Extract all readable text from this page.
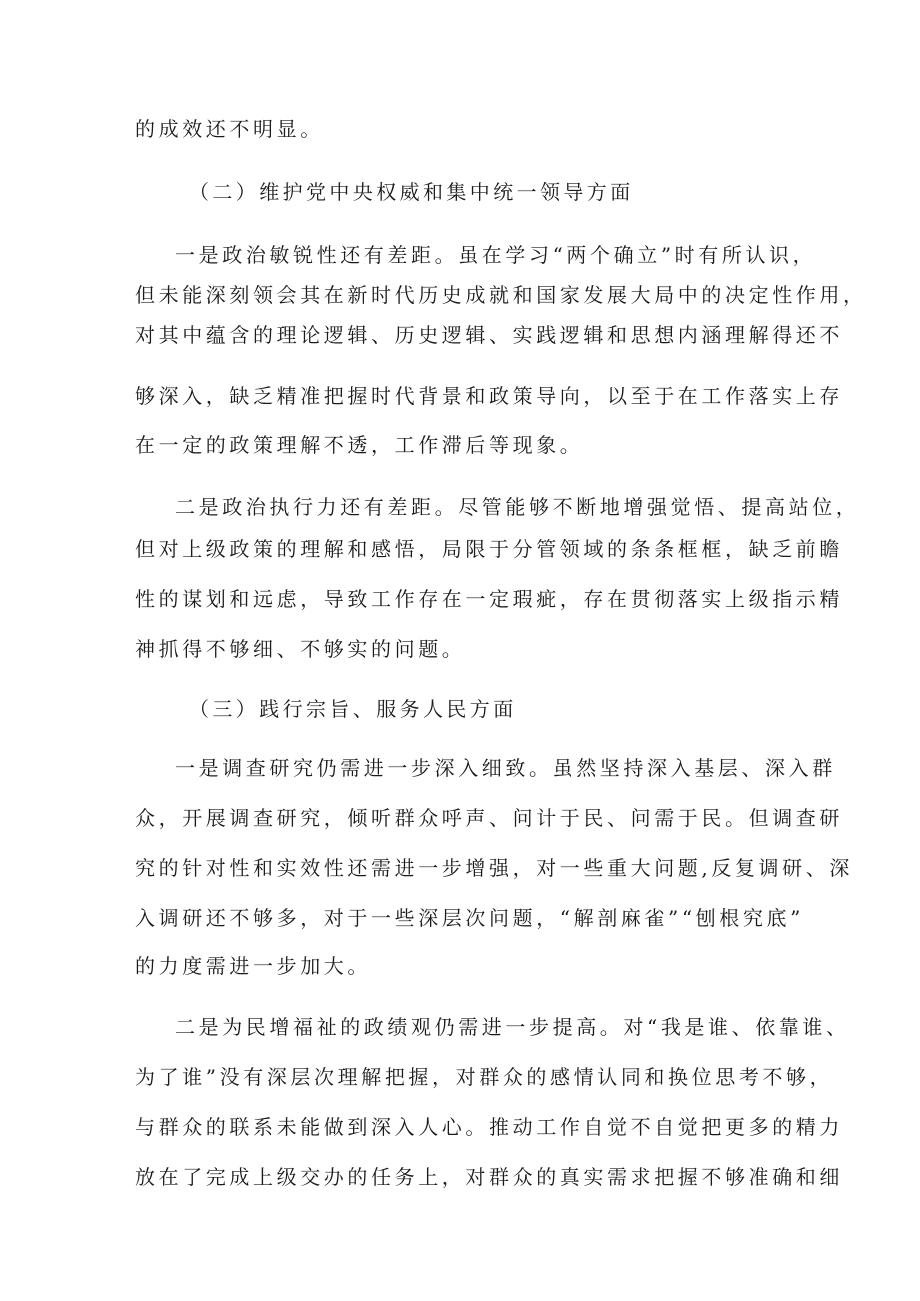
的成效还不明显。
（二）维护党中央权威和集中统一领导方面
一是政治敏锐性还有差距。虽在学习“两个确立”时有所认识，
但未能深刻领会其在新时代历史成就和国家发展大局中的决定性作用，
对其中蕴含的理论逻辑、历史逻辑、实践逻辑和思想内涵理解得还不
够深入，缺乏精准把握时代背景和政策导向，以至于在工作落实上存
在一定的政策理解不透，工作滞后等现象。
二是政治执行力还有差距。尽管能够不断地增强觉悟、提高站位，
但对上级政策的理解和感悟，局限于分管领域的条条框框，缺乏前瞻
性的谋划和远虑，导致工作存在一定瑕疵，存在贯彻落实上级指示精
神抓得不够细、不够实的问题。
（三）践行宗旨、服务人民方面
一是调查研究仍需进一步深入细致。虽然坚持深入基层、深入群
众，开展调查研究，倾听群众呼声、问计于民、问需于民。但调查研
究的针对性和实效性还需进一步增强，对一些重大问题,反复调研、深
入调研还不够多，对于一些深层次问题，“解剖麻雀”“刨根究底”
的力度需进一步加大。
二是为民增福祉的政绩观仍需进一步提高。对“我是谁、依靠谁、
为了谁”没有深层次理解把握，对群众的感情认同和换位思考不够，
与群众的联系未能做到深入人心。推动工作自觉不自觉把更多的精力
放在了完成上级交办的任务上，对群众的真实需求把握不够准确和细
